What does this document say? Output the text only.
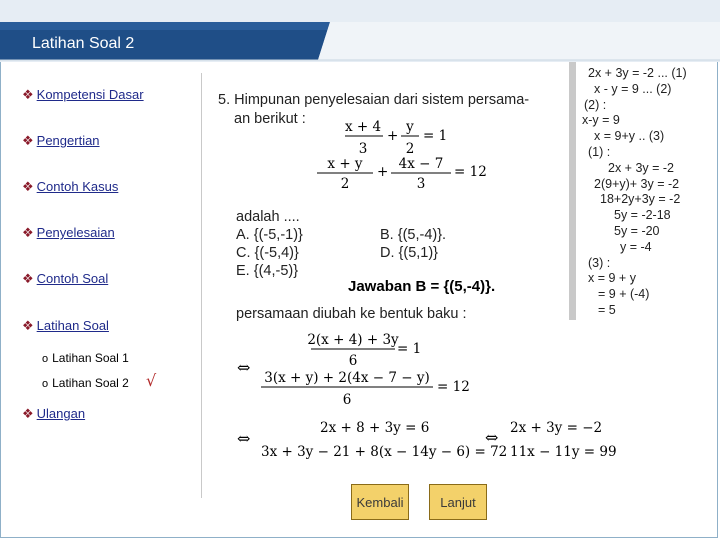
Latihan Soal 2
❖ Kompetensi Dasar
❖ Pengertian
❖ Contoh Kasus
❖ Penyelesaian
❖ Contoh Soal
❖ Latihan Soal
o Latihan Soal 1
o Latihan Soal 2 √
❖ Ulangan
5. Himpunan penyelesaian dari sistem persama-
an berikut :	x + 4
3
+
y
2
= 1
x + y
2
+ 4x − 7
3
= 12
2(x + 4) + 3y
6
= 1
⇔
3(x + y) + 2(4x − 7 − y)
6
= 12
2x + 8 + 3y = 6
⇔
3x + 3y − 21 + 8(x − 14y − 6) = 72
⇔ 2x + 3y = −2
11x − 11y = 99
adalah ....
A. {(-5,-1)}	B. {(5,-4)}.
C. {(-5,4)}	D. {(5,1)}
E. {(4,-5)}
Jawaban B = {(5,-4)}.
persamaan diubah ke bentuk baku :
Kembali	Lanjut
2x + 3y = -2 ... (1)
x - y = 9 ... (2)
(2) :
x-y = 9
x = 9+y .. (3)
(1) :
2x + 3y = -2
2(9+y)+ 3y = -2
18+2y+3y = -2
5y = -2-18
5y = -20
y = -4
(3) :
x = 9 + y
= 9 + (-4)
= 5
